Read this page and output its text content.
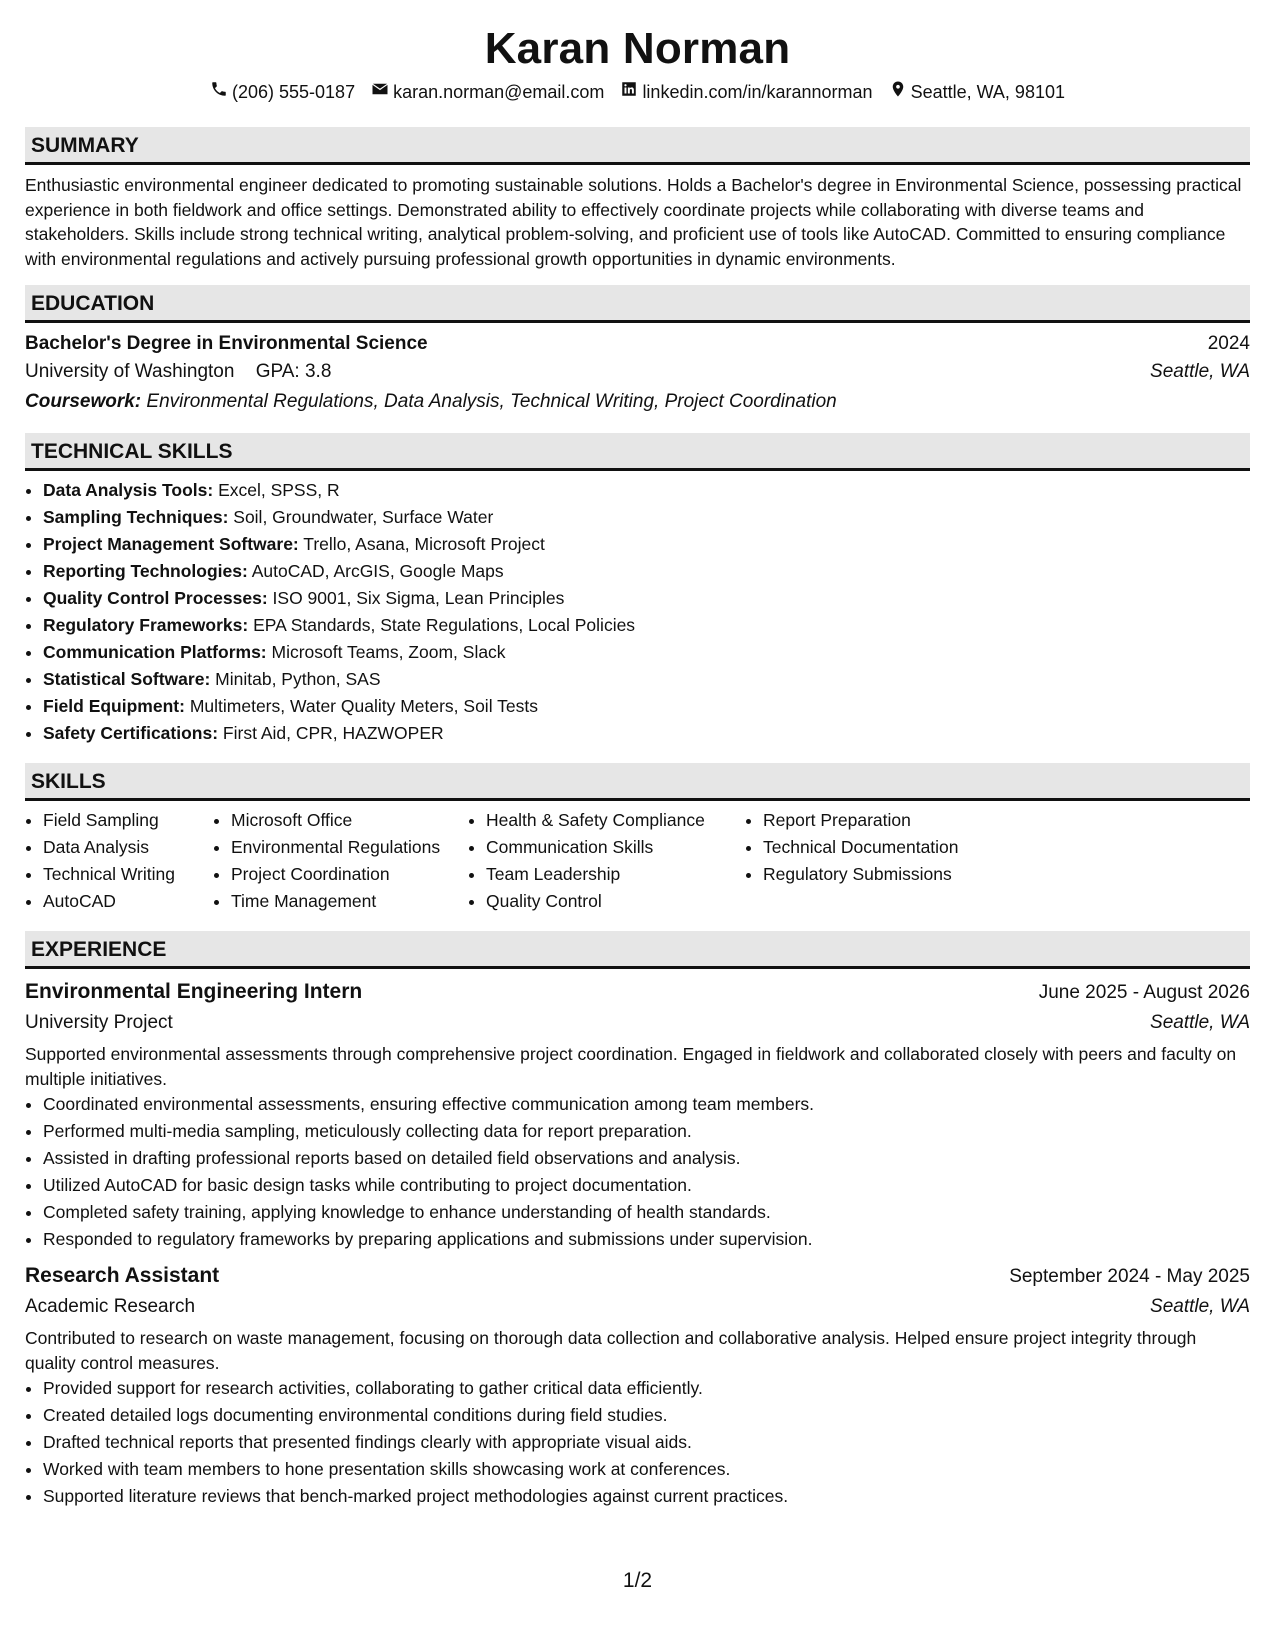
Karan Norman
(206) 555-0187 karan.norman@email.com linkedin.com/in/karannorman Seattle, WA, 98101
SUMMARY

Enthusiastic environmental engineer dedicated to promoting sustainable solutions. Holds a Bachelor's degree in Environmental Science, possessing practical experience in both fieldwork and office settings. Demonstrated ability to effectively coordinate projects while collaborating with diverse teams and stakeholders. Skills include strong technical writing, analytical problem-solving, and proficient use of tools like AutoCAD. Committed to ensuring compliance with environmental regulations and actively pursuing professional growth opportunities in dynamic environments.

EDUCATION
Bachelor's Degree in Environmental Science	2024
University of Washington GPA: 3.8	Seattle, WA
Coursework: Environmental Regulations, Data Analysis, Technical Writing, Project Coordination
TECHNICAL SKILLS
• Data Analysis Tools: Excel, SPSS, R
• Sampling Techniques: Soil, Groundwater, Surface Water
• Project Management Software: Trello, Asana, Microsoft Project
• Reporting Technologies: AutoCAD, ArcGIS, Google Maps
• Quality Control Processes: ISO 9001, Six Sigma, Lean Principles
• Regulatory Frameworks: EPA Standards, State Regulations, Local Policies
• Communication Platforms: Microsoft Teams, Zoom, Slack
• Statistical Software: Minitab, Python, SAS
• Field Equipment: Multimeters, Water Quality Meters, Soil Tests
• Safety Certifications: First Aid, CPR, HAZWOPER
SKILLS
• Field Sampling
• Data Analysis
• Technical Writing
• AutoCAD
• Microsoft Office
• Environmental Regulations
• Project Coordination
• Time Management
• Health & Safety Compliance
• Communication Skills
• Team Leadership
• Quality Control
• Report Preparation
• Technical Documentation
• Regulatory Submissions
EXPERIENCE
Environmental Engineering Intern	June 2025 - August 2026
University Project	Seattle, WA
Supported environmental assessments through comprehensive project coordination. Engaged in fieldwork and collaborated closely with peers and faculty on multiple initiatives.
• Coordinated environmental assessments, ensuring effective communication among team members.
• Performed multi-media sampling, meticulously collecting data for report preparation.
• Assisted in drafting professional reports based on detailed field observations and analysis.
• Utilized AutoCAD for basic design tasks while contributing to project documentation.
• Completed safety training, applying knowledge to enhance understanding of health standards.
• Responded to regulatory frameworks by preparing applications and submissions under supervision.
Research Assistant	September 2024 - May 2025
Academic Research	Seattle, WA
Contributed to research on waste management, focusing on thorough data collection and collaborative analysis. Helped ensure project integrity through quality control measures.
• Provided support for research activities, collaborating to gather critical data efficiently.
• Created detailed logs documenting environmental conditions during field studies.
• Drafted technical reports that presented findings clearly with appropriate visual aids.
• Worked with team members to hone presentation skills showcasing work at conferences.
• Supported literature reviews that bench-marked project methodologies against current practices.
1/2
